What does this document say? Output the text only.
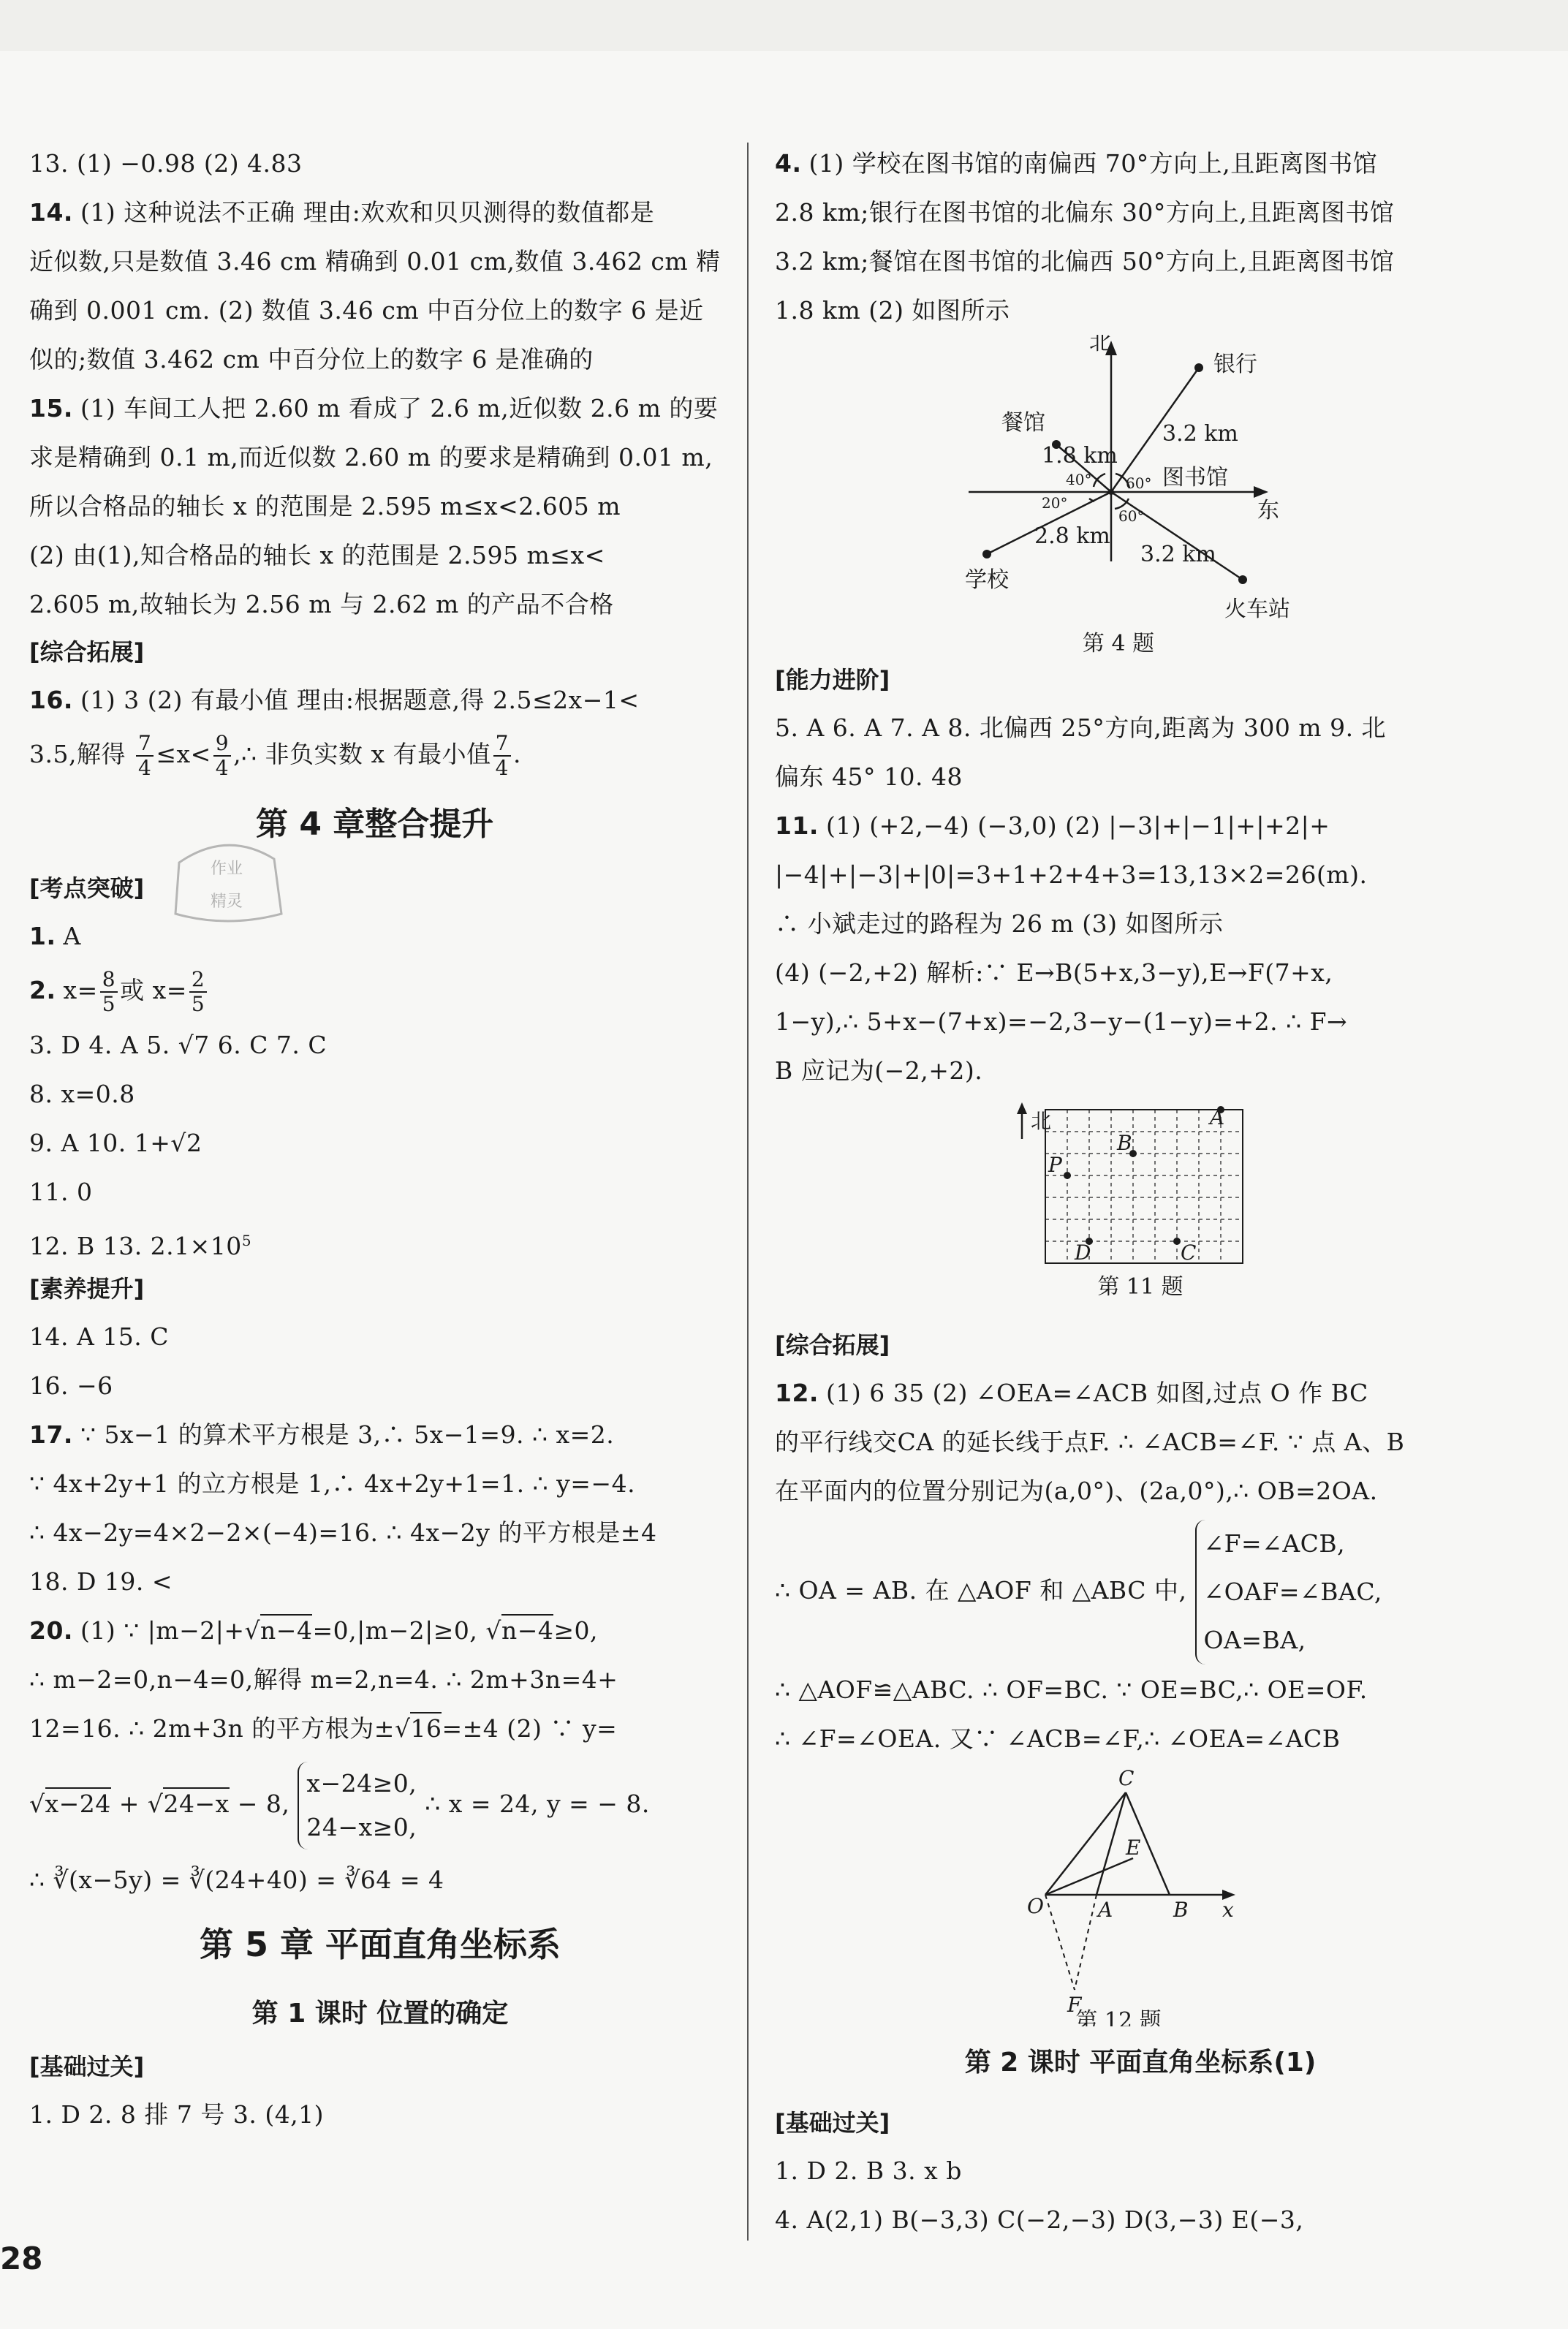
13. (1) −0.98 (2) 4.83
14. (1) 这种说法不正确 理由:欢欢和贝贝测得的数值都是
近似数,只是数值 3.46 cm 精确到 0.01 cm,数值 3.462 cm 精
确到 0.001 cm. (2) 数值 3.46 cm 中百分位上的数字 6 是近
似的;数值 3.462 cm 中百分位上的数字 6 是准确的
15. (1) 车间工人把 2.60 m 看成了 2.6 m,近似数 2.6 m 的要
求是精确到 0.1 m,而近似数 2.60 m 的要求是精确到 0.01 m,
所以合格品的轴长 x 的范围是 2.595 m≤x<2.605 m
(2) 由(1),知合格品的轴长 x 的范围是 2.595 m≤x<
2.605 m,故轴长为 2.56 m 与 2.62 m 的产品不合格
[综合拓展]
16. (1) 3 (2) 有最小值 理由:根据题意,得 2.5≤2x−1<
3.5,解得 $\frac{7}{4} \le x< \frac{9}{4}$ ,∴ 非负实数 x 有最小值 $\frac{7}{4}$ .
第 4 章整合提升
[考点突破]
1. A
2. $x= \frac{8}{5}$ 或 $x= \frac{2}{5}$
3. D 4. A 5. √7 6. C 7. C
8. x=0.8
9. A 10. 1+√2
11. 0
12. B 13. $2.1\times 10^5$
[素养提升]
14. A 15. C
16. −6
17. ∵ 5x−1 的算术平方根是 3,∴ 5x−1=9. ∴ x=2.
∵ 4x+2y+1 的立方根是 1,∴ 4x+2y+1=1. ∴ y=−4.
∴ 4x−2y=4×2−2×(−4)=16. ∴ 4x−2y 的平方根是±4
18. D 19. <
20. (1) ∵ |m−2|+√n−4=0,|m−2|≥0, √n−4≥0,
∴ m−2=0,n−4=0,解得 m=2,n=4. ∴ 2m+3n=4+
12=16. ∴ 2m+3n 的平方根为±√16=±4 (2) ∵ y=
√x−24 + √24−x − 8,
x−24≥0,
24−x≥0,
∴ x = 24, y = − 8.
∴ ∛(x−5y) = ∛(24+40) = ∛64 = 4
第 5 章 平面直角坐标系
第 1 课时 位置的确定
[基础过关]
1. D 2. 8 排 7 号 3. (4,1)
作业
精灵
4. (1) 学校在图书馆的南偏西 70°方向上,且距离图书馆
2.8 km;银行在图书馆的北偏东 30°方向上,且距离图书馆
3.2 km;餐馆在图书馆的北偏西 50°方向上,且距离图书馆
1.8 km (2) 如图所示
北
东
银行
餐馆
图书馆
学校
火车站
1.8 km
3.2 km
2.8 km
3.2 km
40° 60°
20°
60°
第 4 题
[能力进阶]
5. A 6. A 7. A 8. 北偏西 25°方向,距离为 300 m 9. 北
偏东 45° 10. 48
11. (1) (+2,−4) (−3,0) (2) |−3|+|−1|+|+2|+
|−4|+|−3|+|0|=3+1+2+4+3=13,13×2=26(m).
∴ 小斌走过的路程为 26 m (3) 如图所示
(4) (−2,+2) 解析:∵ E→B(5+x,3−y),E→F(7+x,
1−y),∴ 5+x−(7+x)=−2,3−y−(1−y)=+2. ∴ F→
B 应记为(−2,+2).
北	A
B
P
D	C
第 11 题
[综合拓展]
12. (1) 6 35 (2) ∠OEA=∠ACB 如图,过点 O 作 BC
的平行线交CA 的延长线于点F. ∴ ∠ACB=∠F. ∵ 点 A、B
在平面内的位置分别记为(a,0°)、(2a,0°),∴ OB=2OA.
∴ OA = AB. 在 △AOF 和 △ABC 中,
∠F=∠ACB,
∠OAF=∠BAC,
OA=BA,
∴ △AOF≌△ABC. ∴ OF=BC. ∵ OE=BC,∴ OE=OF.
∴ ∠F=∠OEA. 又∵ ∠ACB=∠F,∴ ∠OEA=∠ACB
C
E
O	A	B x
F
第 12 题
第 2 课时 平面直角坐标系(1)
[基础过关]
1. D 2. B 3. x b
4. A(2,1) B(−3,3) C(−2,−3) D(3,−3) E(−3,
28
